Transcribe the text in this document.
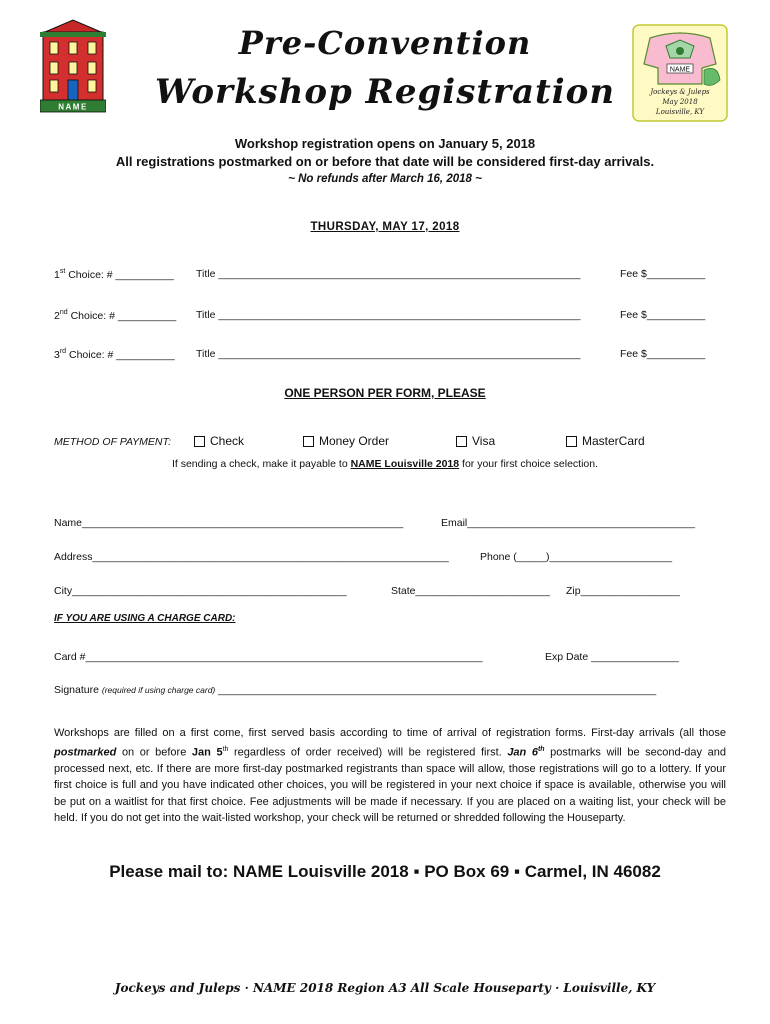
NAME
NAME
Jockeys & Juleps
May 2018
Louisville, KY
Pre-Convention
Workshop Registration
Workshop registration opens on January 5, 2018
All registrations postmarked on or before that date will be considered first-day arrivals.
~ No refunds after March 16, 2018 ~
THURSDAY, MAY 17, 2018
1st Choice: # __________ Title ______________________________________________________________	Fee $__________
2nd Choice: # __________ Title ______________________________________________________________	Fee $__________
3rd Choice: # __________ Title ______________________________________________________________	Fee $__________
ONE PERSON PER FORM, PLEASE
METHOD OF PAYMENT:	Check	Money Order	Visa	MasterCard
If sending a check, make it payable to NAME Louisville 2018 for your first choice selection.
Name_______________________________________________________	Email_______________________________________
Address_____________________________________________________________	Phone (_____)_____________________
City_______________________________________________	State_______________________ Zip_________________
IF YOU ARE USING A CHARGE CARD:
Card #____________________________________________________________________	Exp Date _______________
Signature (required if using charge card) ___________________________________________________________________________
Workshops are filled on a first come, first served basis according to time of arrival of registration forms. First-day arrivals (all those postmarked on or before Jan 5th regardless of order received) will be registered first. Jan 6th postmarks will be second-day and processed next, etc. If there are more first-day postmarked registrants than space will allow, those registrations will go to a lottery. If your first choice is full and you have indicated other choices, you will be registered in your next choice if space is available, otherwise you will be put on a waitlist for that first choice. Fee adjustments will be made if necessary. If you are placed on a waiting list, your check will be held. If you do not get into the wait-listed workshop, your check will be returned or shredded following the Houseparty.
Please mail to: NAME Louisville 2018 ▪ PO Box 69 ▪ Carmel, IN 46082
Jockeys and Juleps · NAME 2018 Region A3 All Scale Houseparty · Louisville, KY
